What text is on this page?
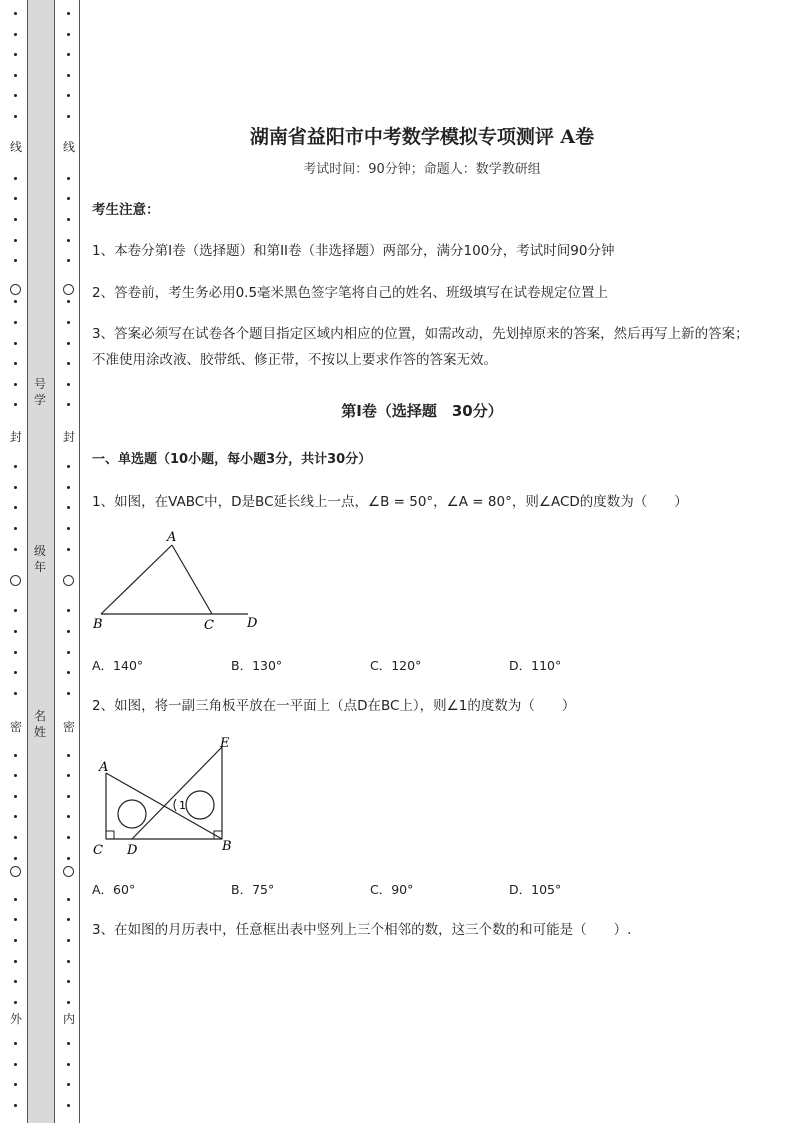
线
封
密
外
线
封
密
内
号学
级年
名姓
湖南省益阳市中考数学模拟专项测评 A卷
考试时间：90分钟；命题人：数学教研组
考生注意：
1、本卷分第I卷（选择题）和第II卷（非选择题）两部分，满分100分，考试时间90分钟
2、答卷前，考生务必用0.5毫米黑色签字笔将自己的姓名、班级填写在试卷规定位置上
3、答案必须写在试卷各个题目指定区域内相应的位置，如需改动，先划掉原来的答案，然后再写上新的答案；不准使用涂改液、胶带纸、修正带，不按以上要求作答的答案无效。
第I卷（选择题　30分）
一、单选题（10小题，每小题3分，共计30分）
1、如图，在VABC中，D是BC延长线上一点，∠B = 50°，∠A = 80°，则∠ACD的度数为（　　）
A
B	C	D
A．140°	B．130°	C．120°	D．110°
2、如图，将一副三角板平放在一平面上（点D在BC上），则∠1的度数为（　　）
A
E
C D	B
1
A．60°	B．75°	C．90°	D．105°
3、在如图的月历表中，任意框出表中竖列上三个相邻的数，这三个数的和可能是（　　）.
